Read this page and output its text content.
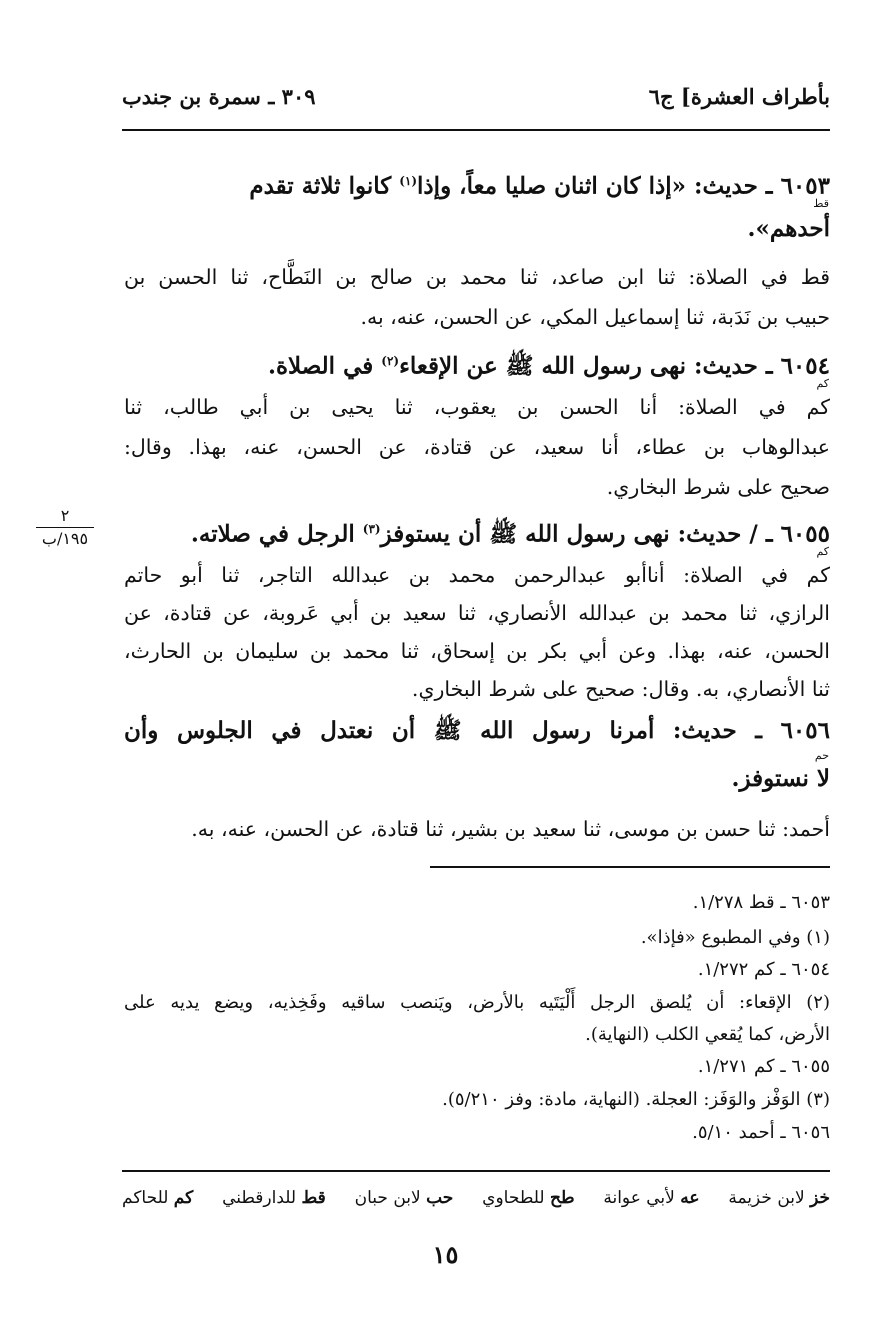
بأطراف العشرة] ج٦
٣٠٩ ـ سمرة بن جندب
٦٠٥٣ ـ حديث: «إذا كان اثنان صليا معاً، وإذا$^{(١)}$ كانوا ثلاثة تقدم
قط
أحدهم».
قط في الصلاة: ثنا ابن صاعد، ثنا محمد بن صالح بن النَطَّاح، ثنا الحسن بن
حبيب بن نَدَبة، ثنا إسماعيل المكي، عن الحسن، عنه، به.
٦٠٥٤ ـ حديث: نهى رسول الله ﷺ عن الإقعاء$^{(٢)}$ في الصلاة.
كم
كم في الصلاة: أنا الحسن بن يعقوب، ثنا يحيى بن أبي طالب، ثنا
عبدالوهاب بن عطاء، أنا سعيد، عن قتادة، عن الحسن، عنه، بهذا. وقال:
صحيح على شرط البخاري.
٢
١٩٥/ب	٦٠٥٥ ـ / حديث: نهى رسول الله ﷺ أن يستوفز$^{(٣)}$ الرجل في صلاته.
كم
كم في الصلاة: أناأبو عبدالرحمن محمد بن عبدالله التاجر، ثنا أبو حاتم
الرازي، ثنا محمد بن عبدالله الأنصاري، ثنا سعيد بن أبي عَروبة، عن قتادة، عن
الحسن، عنه، بهذا. وعن أبي بكر بن إسحاق، ثنا محمد بن سليمان بن الحارث،
ثنا الأنصاري، به. وقال: صحيح على شرط البخاري.
٦٠٥٦ ـ حديث: أمرنا رسول الله ﷺ أن نعتدل في الجلوس وأن
حم
لا نستوفز.
أحمد: ثنا حسن بن موسى، ثنا سعيد بن بشير، ثنا قتادة، عن الحسن، عنه، به.
٦٠٥٣ ـ قط ١/٢٧٨.
(١) وفي المطبوع «فإذا».
٦٠٥٤ ـ كم ١/٢٧٢.
(٢) الإقعاء: أن يُلصق الرجل أَلْيَتَيه بالأرض، ويَنصب ساقيه وفَخِذيه، ويضع يديه على
الأرض، كما يُقعي الكلب (النهاية).
٦٠٥٥ ـ كم ١/٢٧١.
(٣) الوَفْز والوَفَز: العجلة. (النهاية، مادة: وفز ٥/٢١٠).
٦٠٥٦ ـ أحمد ٥/١٠.
خز لابن خزيمة
عه لأبي عوانة
طح للطحاوي
حب لابن حبان
قط للدارقطني
كم للحاكم
١٥
